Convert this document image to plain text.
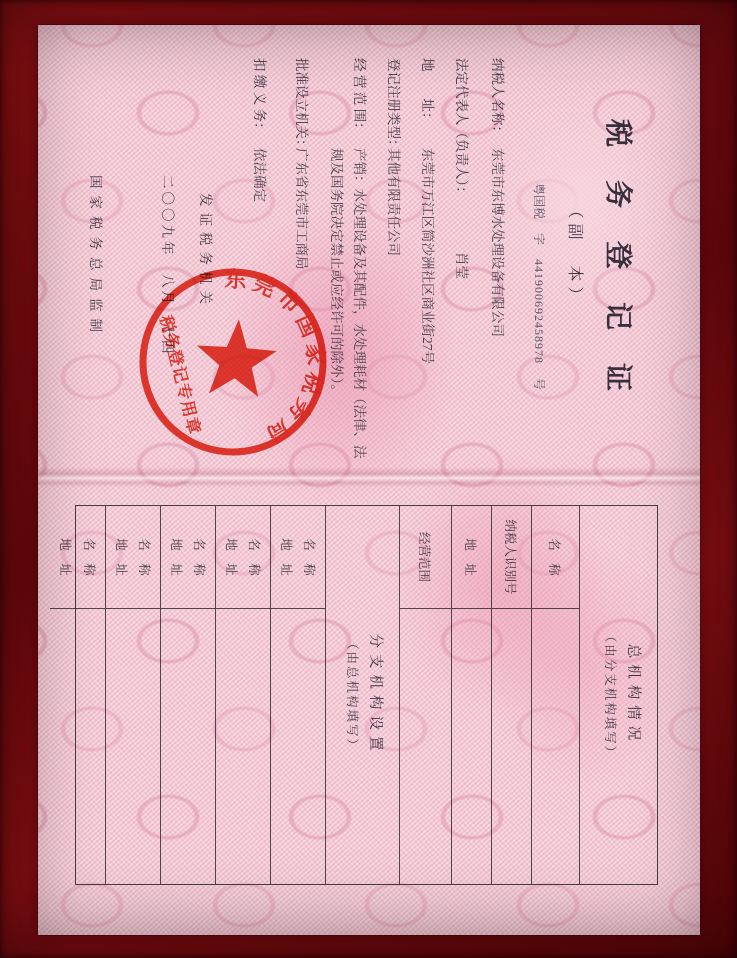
税 务 登 记 证
（副　本）
粤国税 字 441900692458978 号
纳税人名称：
东莞市东博水处理设备有限公司
法定代表人（负责人）：
肖莹
地　　址：
东莞市万江区简沙洲社区商业街27号
登记注册类型：
其他有限责任公司
经 营 范 围：
产销：水处理设备及其配件，水处理耗材（法律、法
规及国务院决定禁止或应经许可的除外）。
批准设立机关：
广东省东莞市工商局
扣 缴 义 务：
依法确定
发证税务机关
二〇〇九年　八月　十四
国家税务总局监制	东莞市国家税务局
税务登记专用章
总机构情况
（由分支机构填写）
名　称
纳税人识别号
地　址
经营范围
分支机构设置
（由总机构填写）
名　称
地　址
名　称
地　址
名　称
地　址
名　称
地　址
名　称
地　址
